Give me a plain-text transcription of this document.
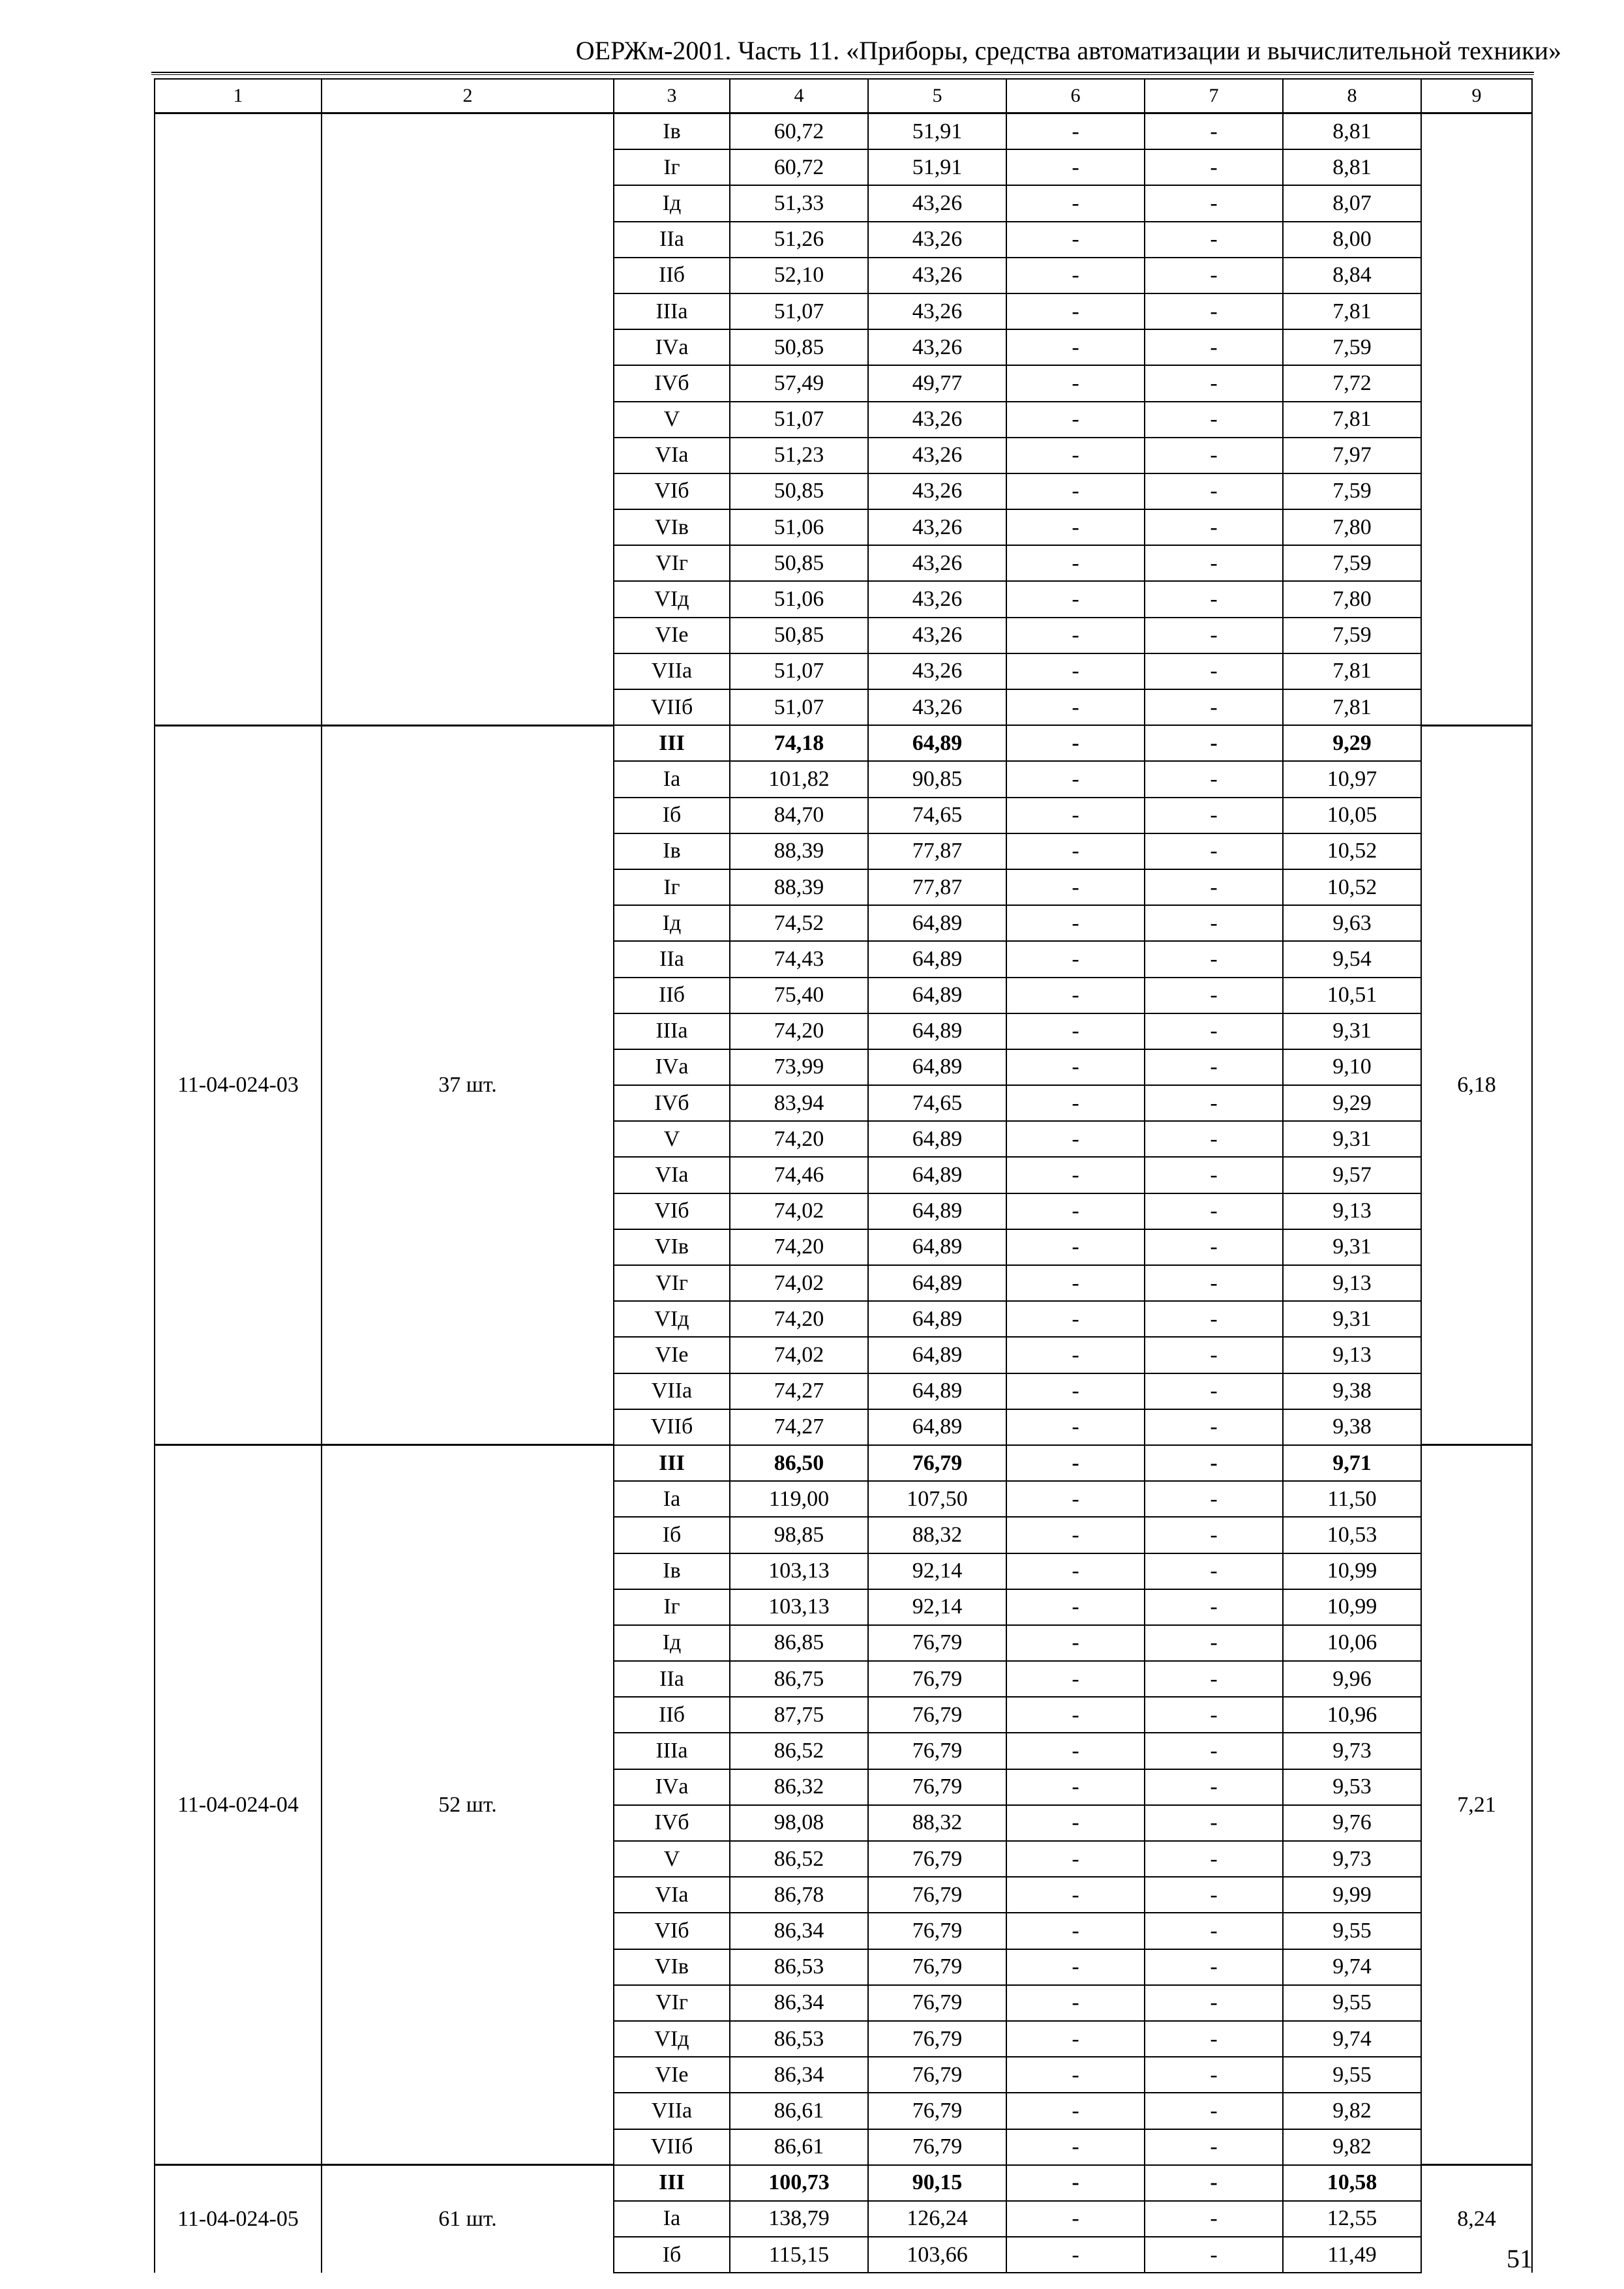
ОЕРЖм-2001. Часть 11. «Приборы, средства автоматизации и вычислительной техники»
1	2	3	4	5	6	7	8	9
		Iв	60,72	51,91	-	-	8,81	
		Iг	60,72	51,91	-	-	8,81	
		Iд	51,33	43,26	-	-	8,07	
		IIа	51,26	43,26	-	-	8,00	
		IIб	52,10	43,26	-	-	8,84	
		IIIа	51,07	43,26	-	-	7,81	
		IVа	50,85	43,26	-	-	7,59	
		IVб	57,49	49,77	-	-	7,72	
		V	51,07	43,26	-	-	7,81	
		VIа	51,23	43,26	-	-	7,97	
		VIб	50,85	43,26	-	-	7,59	
		VIв	51,06	43,26	-	-	7,80	
		VIг	50,85	43,26	-	-	7,59	
		VIд	51,06	43,26	-	-	7,80	
		VIе	50,85	43,26	-	-	7,59	
		VIIа	51,07	43,26	-	-	7,81	
		VIIб	51,07	43,26	-	-	7,81	
11-04-024-03	37 шт.	III	74,18	64,89	-	-	9,29	6,18
		Iа	101,82	90,85	-	-	10,97	
		Iб	84,70	74,65	-	-	10,05	
		Iв	88,39	77,87	-	-	10,52	
		Iг	88,39	77,87	-	-	10,52	
		Iд	74,52	64,89	-	-	9,63	
		IIа	74,43	64,89	-	-	9,54	
		IIб	75,40	64,89	-	-	10,51	
		IIIа	74,20	64,89	-	-	9,31	
		IVа	73,99	64,89	-	-	9,10	
		IVб	83,94	74,65	-	-	9,29	
		V	74,20	64,89	-	-	9,31	
		VIа	74,46	64,89	-	-	9,57	
		VIб	74,02	64,89	-	-	9,13	
		VIв	74,20	64,89	-	-	9,31	
		VIг	74,02	64,89	-	-	9,13	
		VIд	74,20	64,89	-	-	9,31	
		VIе	74,02	64,89	-	-	9,13	
		VIIа	74,27	64,89	-	-	9,38	
		VIIб	74,27	64,89	-	-	9,38	
11-04-024-04	52 шт.	III	86,50	76,79	-	-	9,71	7,21
		Iа	119,00	107,50	-	-	11,50	
		Iб	98,85	88,32	-	-	10,53	
		Iв	103,13	92,14	-	-	10,99	
		Iг	103,13	92,14	-	-	10,99	
		Iд	86,85	76,79	-	-	10,06	
		IIа	86,75	76,79	-	-	9,96	
		IIб	87,75	76,79	-	-	10,96	
		IIIа	86,52	76,79	-	-	9,73	
		IVа	86,32	76,79	-	-	9,53	
		IVб	98,08	88,32	-	-	9,76	
		V	86,52	76,79	-	-	9,73	
		VIа	86,78	76,79	-	-	9,99	
		VIб	86,34	76,79	-	-	9,55	
		VIв	86,53	76,79	-	-	9,74	
		VIг	86,34	76,79	-	-	9,55	
		VIд	86,53	76,79	-	-	9,74	
		VIе	86,34	76,79	-	-	9,55	
		VIIа	86,61	76,79	-	-	9,82	
		VIIб	86,61	76,79	-	-	9,82	
11-04-024-05	61 шт.	III	100,73	90,15	-	-	10,58	8,24
		Iа	138,79	126,24	-	-	12,55	
		Iб	115,15	103,66	-	-	11,49		51
